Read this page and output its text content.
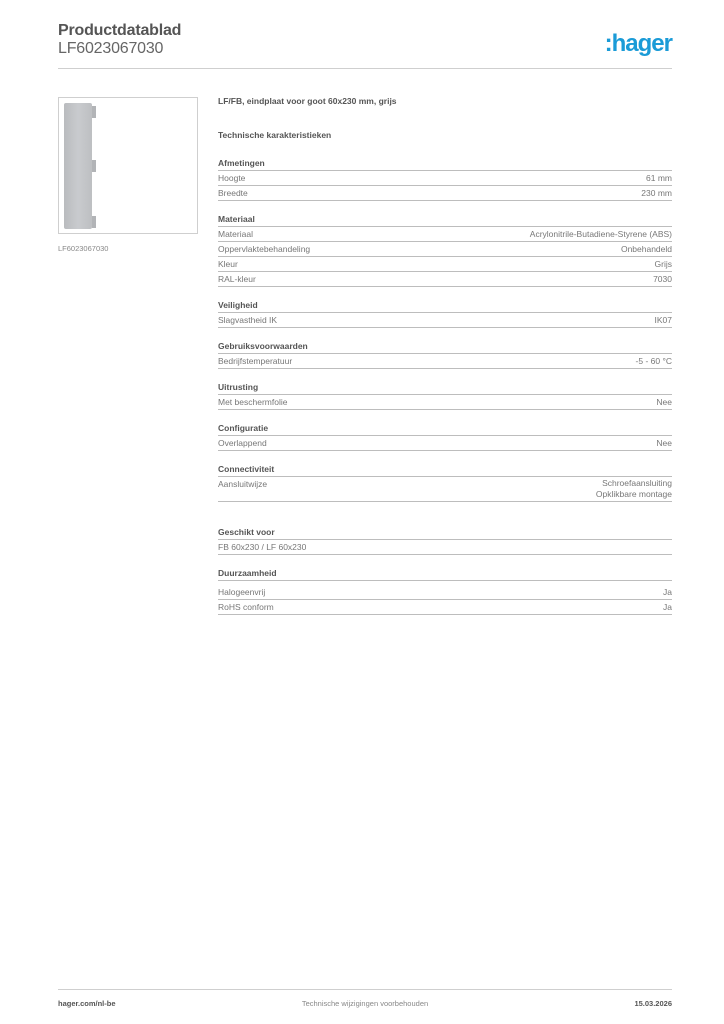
Productdatablad
LF6023067030	:hager
LF6023067030
LF/FB, eindplaat voor goot 60x230 mm, grijs
Technische karakteristieken
Afmetingen
Hoogte	61 mm
Breedte	230 mm
Materiaal
Materiaal	Acrylonitrile-Butadiene-Styrene (ABS)
Oppervlaktebehandeling	Onbehandeld
Kleur	Grijs
RAL-kleur	7030
Veiligheid
Slagvastheid IK	IK07
Gebruiksvoorwaarden
Bedrijfstemperatuur	-5 - 60 °C
Uitrusting
Met beschermfolie	Nee
Configuratie
Overlappend	Nee
Connectiviteit
Aansluitwijze	Schroefaansluiting
Opklikbare montage
Geschikt voor
FB 60x230 / LF 60x230
Duurzaamheid
Halogeenvrij	Ja
RoHS conform	Ja
hager.com/nl-be	Technische wijzigingen voorbehouden	15.03.2026
